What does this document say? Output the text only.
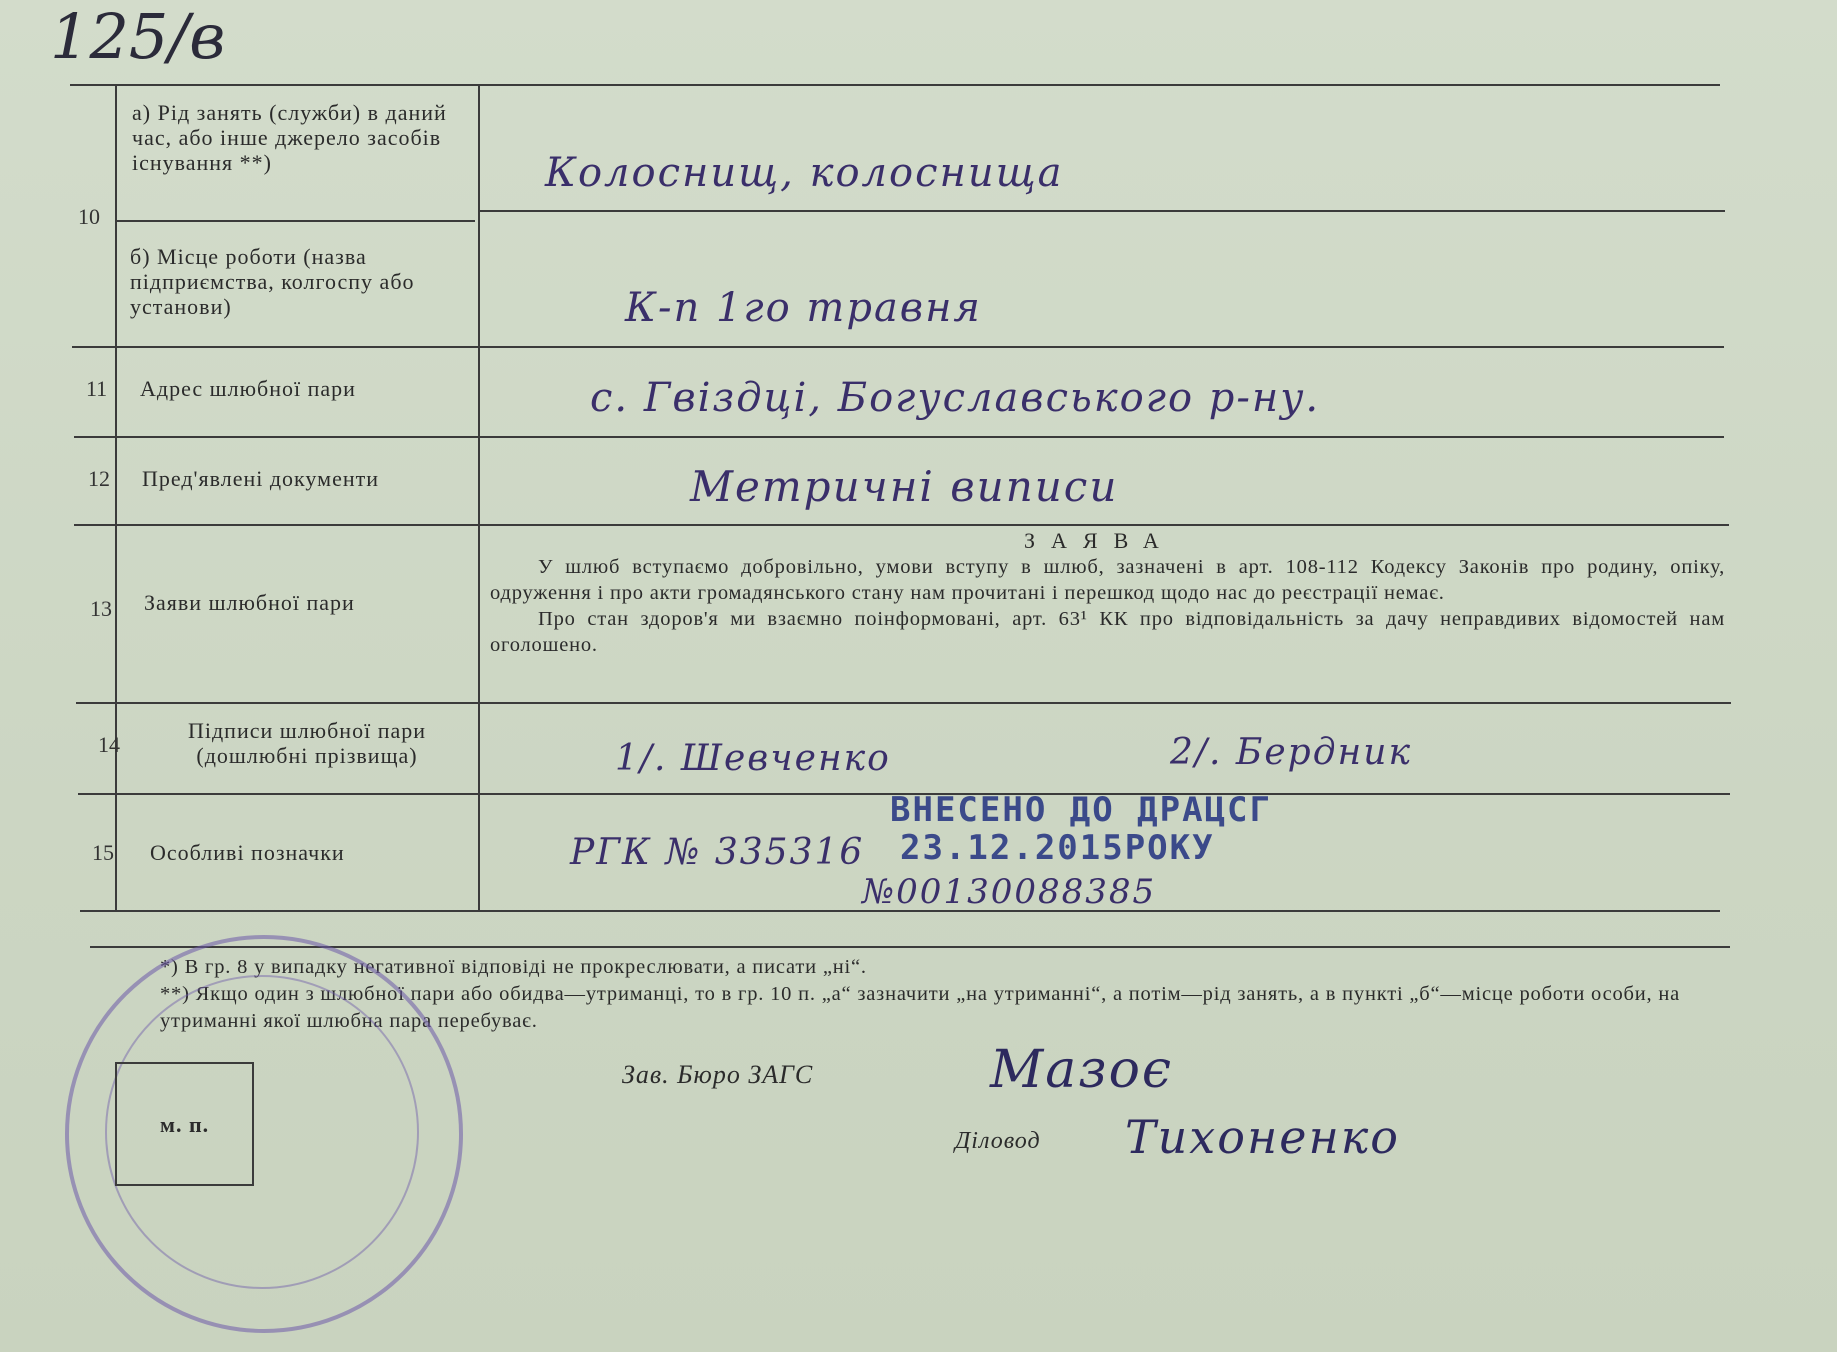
125/в
10
а) Рід занять (служби) в даний час, або інше джерело засобів існування **)	Колоснищ, колоснища
б) Місце роботи (назва підприємства, колгоспу або установи)	К-п 1го травня
11 Адрес шлюбної пари	с. Гвіздці, Богуславського р-ну.
12 Пред'явлені документи	Метричні виписи
13 Заяви шлюбної пари
ЗАЯВА

У шлюб вступаємо добровільно, умови вступу в шлюб, зазначені в арт. 108-112 Кодексу Законів про родину, опіку, одруження і про акти громадянського стану нам прочитані і перешкод щодо нас до реєстрації немає.

Про стан здоров'я ми взаємно поінформовані, арт. 63¹ КК про відповідальність за дачу неправдивих відомостей нам оголошено.

14
Підписи шлюбної пари (дошлюбні прізвища)	1/. Шевченко	2/. Бердник
15 Особливі позначки	РГК № 335316
№00130088385
ВНЕСЕНО ДО ДРАЦСГ
23.12.2015РОКУ

*) В гр. 8 у випадку негативної відповіді не прокреслювати, а писати „ні“.

**) Якщо один з шлюбної пари або обидва—утриманці, то в гр. 10 п. „а“ зазначити „на утриманні“, а потім—рід занять, а в пункті „б“—місце роботи особи, на утриманні якої шлюбна пара перебуває.

м. п.
Зав. Бюро ЗАГС	Мазоє
Діловод Тихоненко
